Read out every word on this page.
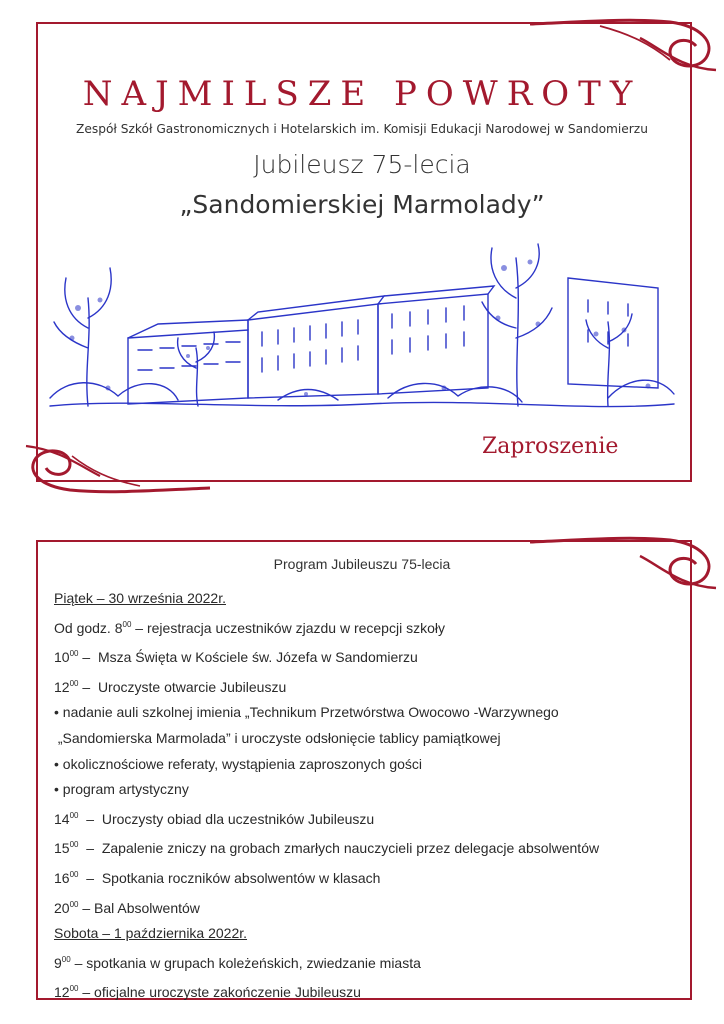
NAJMILSZE POWROTY
Zespół Szkół Gastronomicznych i Hotelarskich im. Komisji Edukacji Narodowej w Sandomierzu
Jubileusz 75-lecia
„Sandomierskiej Marmolady”
Zaproszenie
Program Jubileuszu 75-lecia
Piątek – 30 września 2022r.
Od godz. $8^{00}$ – rejestracja uczestników zjazdu w recepcji szkoły
$10^{00}$ –  Msza Święta w Kościele św. Józefa w Sandomierzu
$12^{00}$ –  Uroczyste otwarcie Jubileuszu
• nadanie auli szkolnej imienia „Technikum Przetwórstwa Owocowo -Warzywnego
„Sandomierska Marmolada” i uroczyste odsłonięcie tablicy pamiątkowej
• okolicznościowe referaty, wystąpienia zaproszonych gości
• program artystyczny
$14^{00}$  –  Uroczysty obiad dla uczestników Jubileuszu
$15^{00}$  –  Zapalenie zniczy na grobach zmarłych nauczycieli przez delegacje absolwentów
$16^{00}$  –  Spotkania roczników absolwentów w klasach
$20^{00}$ – Bal Absolwentów
Sobota – 1 października 2022r.
$9^{00}$ – spotkania w grupach koleżeńskich, zwiedzanie miasta
$12^{00}$ – oficjalne uroczyste zakończenie Jubileuszu
